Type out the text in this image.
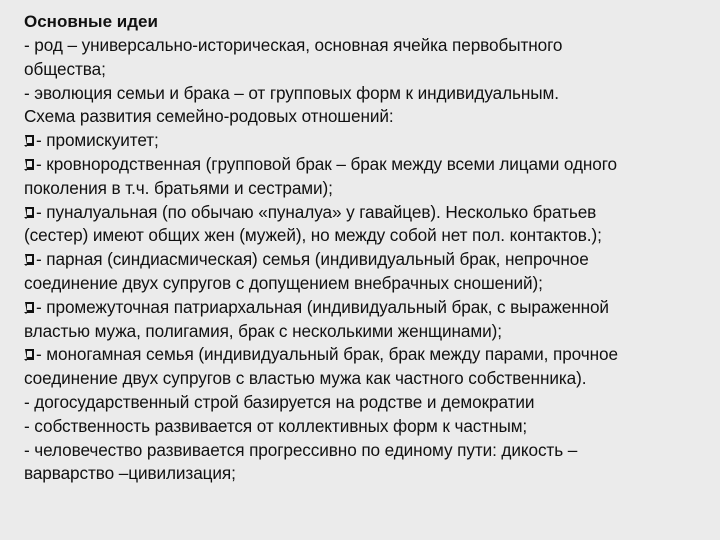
Основные идеи
- род – универсально-историческая, основная ячейка первобытного
общества;
- эволюция семьи и брака – от групповых форм к индивидуальным.
Схема развития семейно-родовых отношений:
- промискуитет;
- кровнородственная (групповой брак – брак между всеми лицами одного
поколения в т.ч. братьями и сестрами);
- пуналуальная (по обычаю «пуналуа» у гавайцев). Несколько братьев
(сестер) имеют общих жен (мужей), но между собой нет пол. контактов.);
- парная (синдиасмическая) семья (индивидуальный брак, непрочное
соединение двух супругов с допущением внебрачных сношений);
- промежуточная патриархальная (индивидуальный брак, с выраженной
властью мужа, полигамия, брак с несколькими женщинами);
- моногамная семья (индивидуальный брак, брак между парами, прочное
соединение двух супругов с властью мужа как частного собственника).
- догосударственный строй базируется на родстве и демократии
- собственность развивается от коллективных форм к частным;
- человечество развивается прогрессивно по единому пути: дикость –
варварство –цивилизация;
